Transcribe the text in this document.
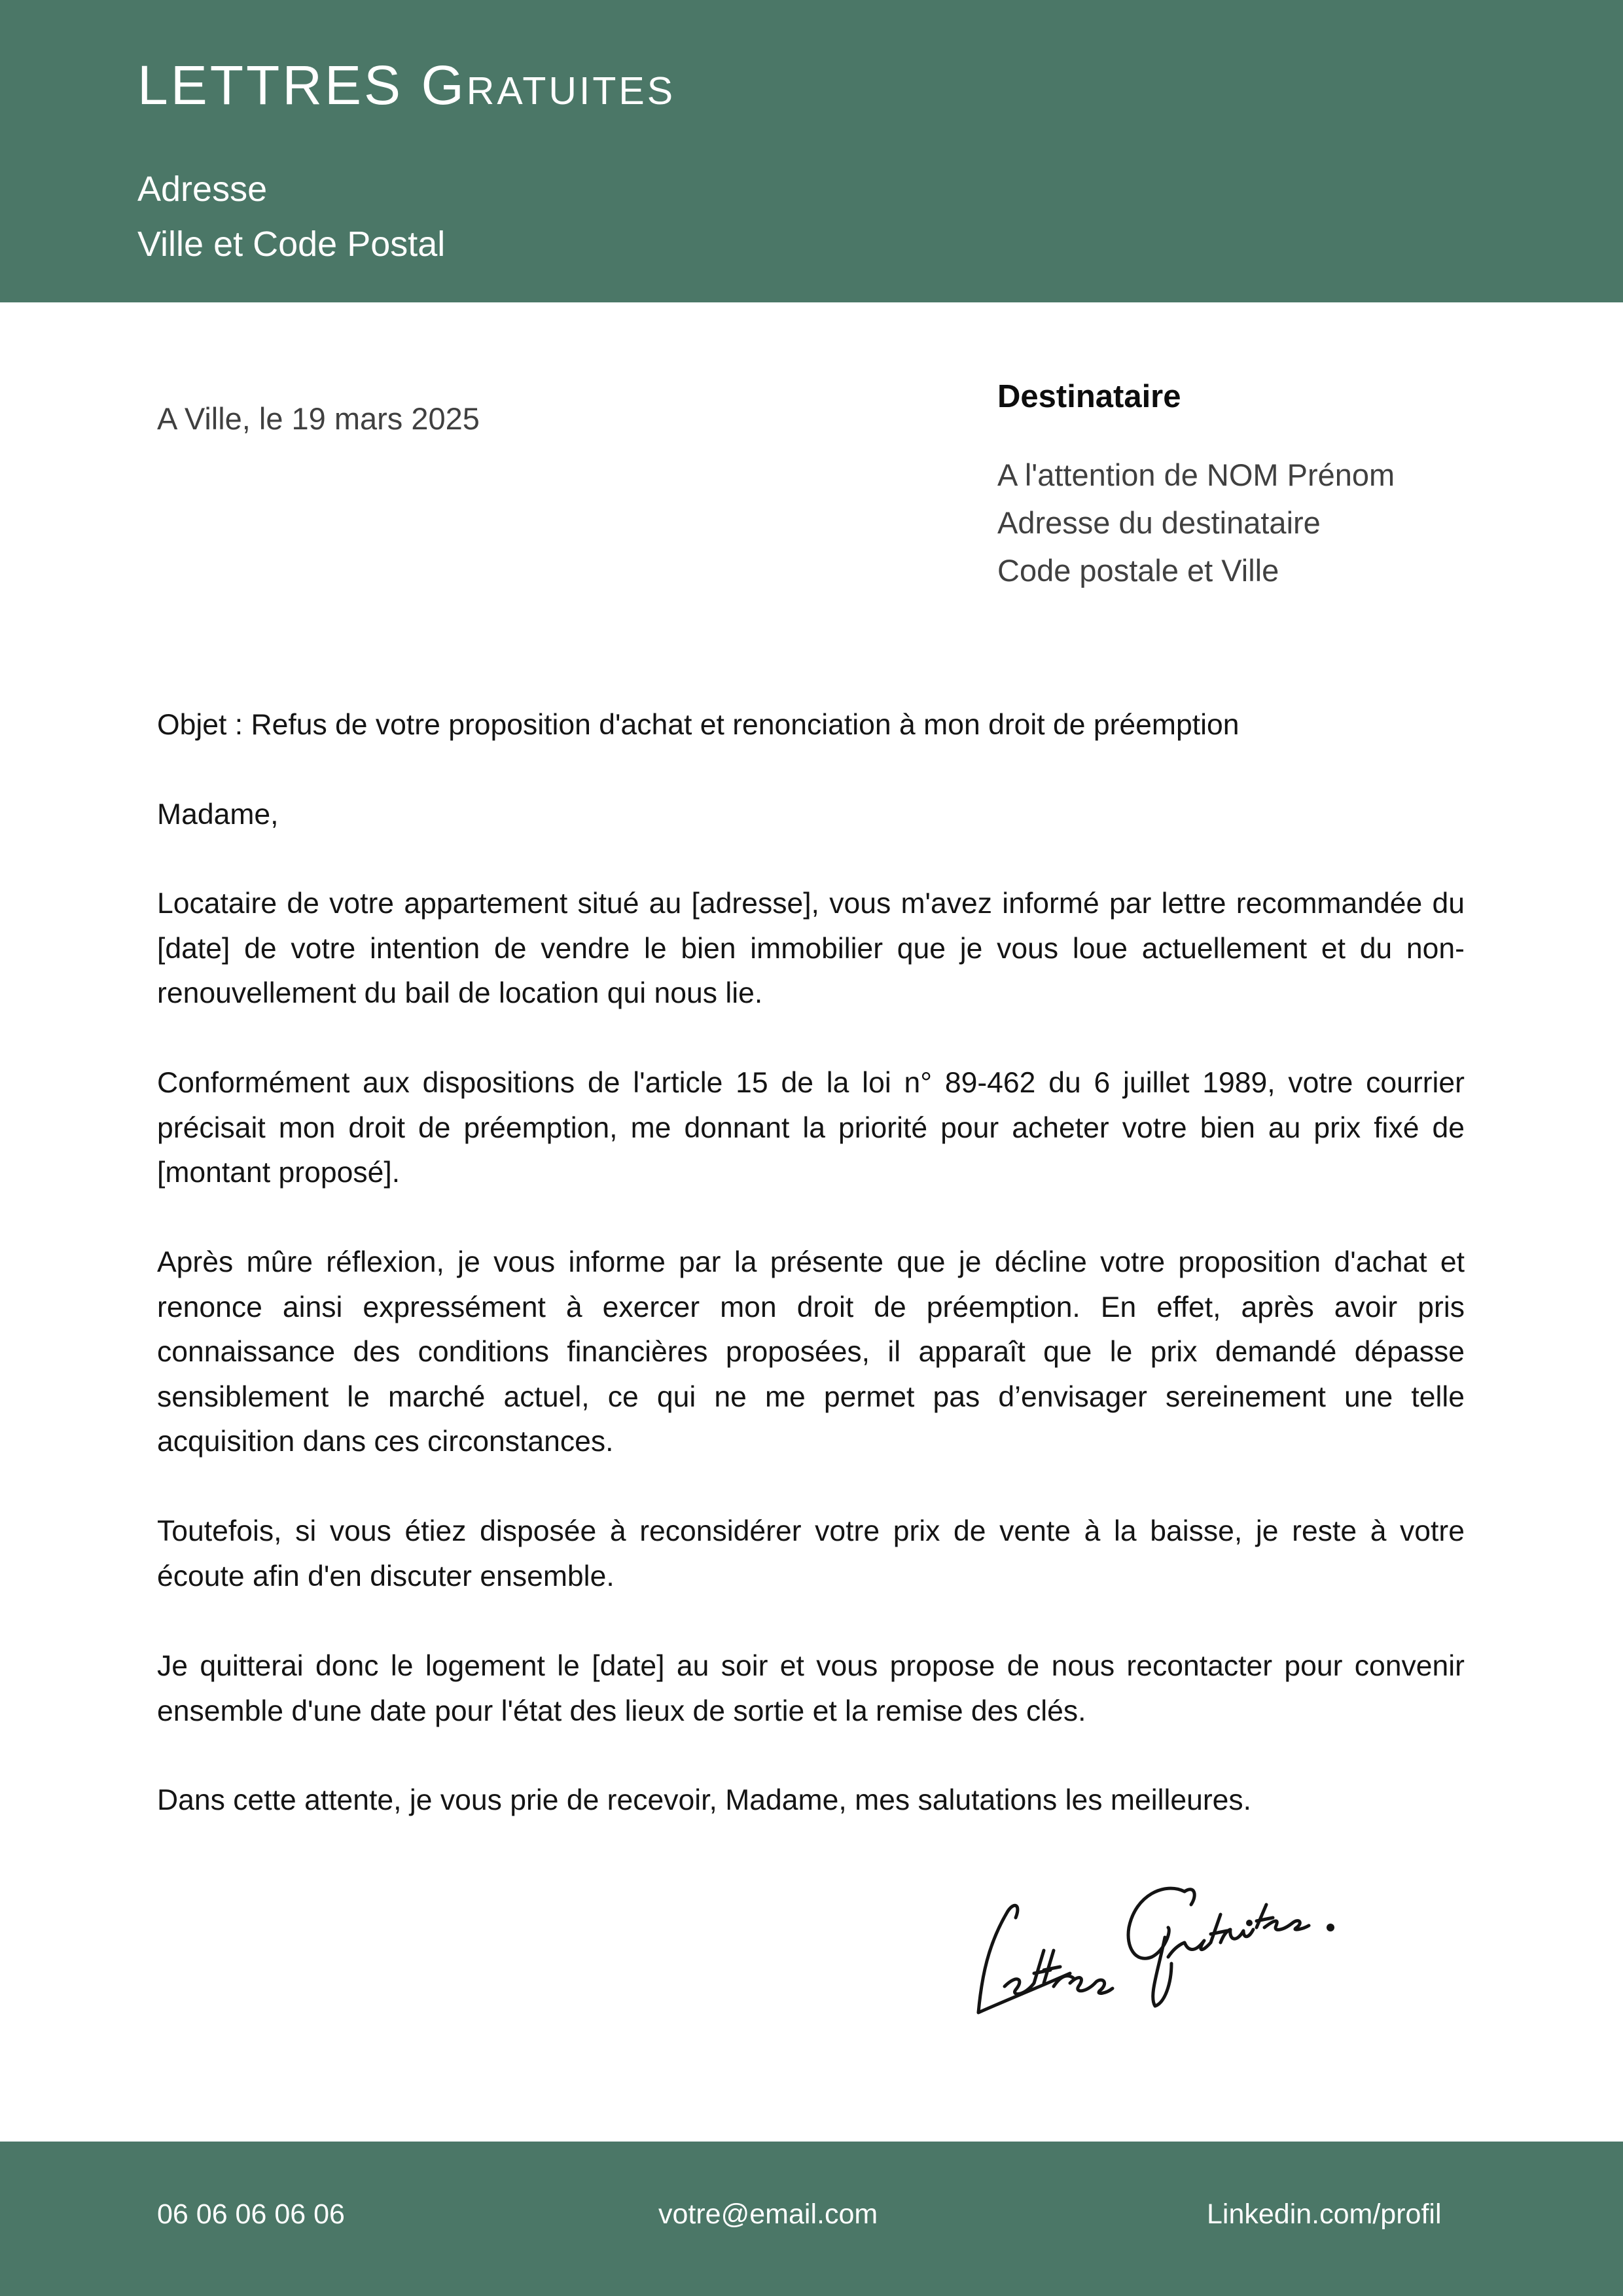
LETTRES Gratuites
Adresse
Ville et Code Postal
A Ville, le 19 mars 2025
Destinataire
A l'attention de NOM Prénom
Adresse du destinataire
Code postale et Ville

Objet : Refus de votre proposition d'achat et renonciation à mon droit de préemption

Madame,

Locataire de votre appartement situé au [adresse], vous m'avez informé par lettre recommandée du [date] de votre intention de vendre le bien immobilier que je vous loue actuellement et du non-renouvellement du bail de location qui nous lie.

Conformément aux dispositions de l'article 15 de la loi n° 89-462 du 6 juillet 1989, votre courrier précisait mon droit de préemption, me donnant la priorité pour acheter votre bien au prix fixé de [montant proposé].

Après mûre réflexion, je vous informe par la présente que je décline votre proposition d'achat et renonce ainsi expressément à exercer mon droit de préemption. En effet, après avoir pris connaissance des conditions financières proposées, il apparaît que le prix demandé dépasse sensiblement le marché actuel, ce qui ne me permet pas d’envisager sereinement une telle acquisition dans ces circonstances.

Toutefois, si vous étiez disposée à reconsidérer votre prix de vente à la baisse, je reste à votre écoute afin d'en discuter ensemble.

Je quitterai donc le logement le [date] au soir et vous propose de nous recontacter pour convenir ensemble d'une date pour l'état des lieux de sortie et la remise des clés.

Dans cette attente, je vous prie de recevoir, Madame, mes salutations les meilleures.

06 06 06 06 06	votre@email.com	Linkedin.com/profil
